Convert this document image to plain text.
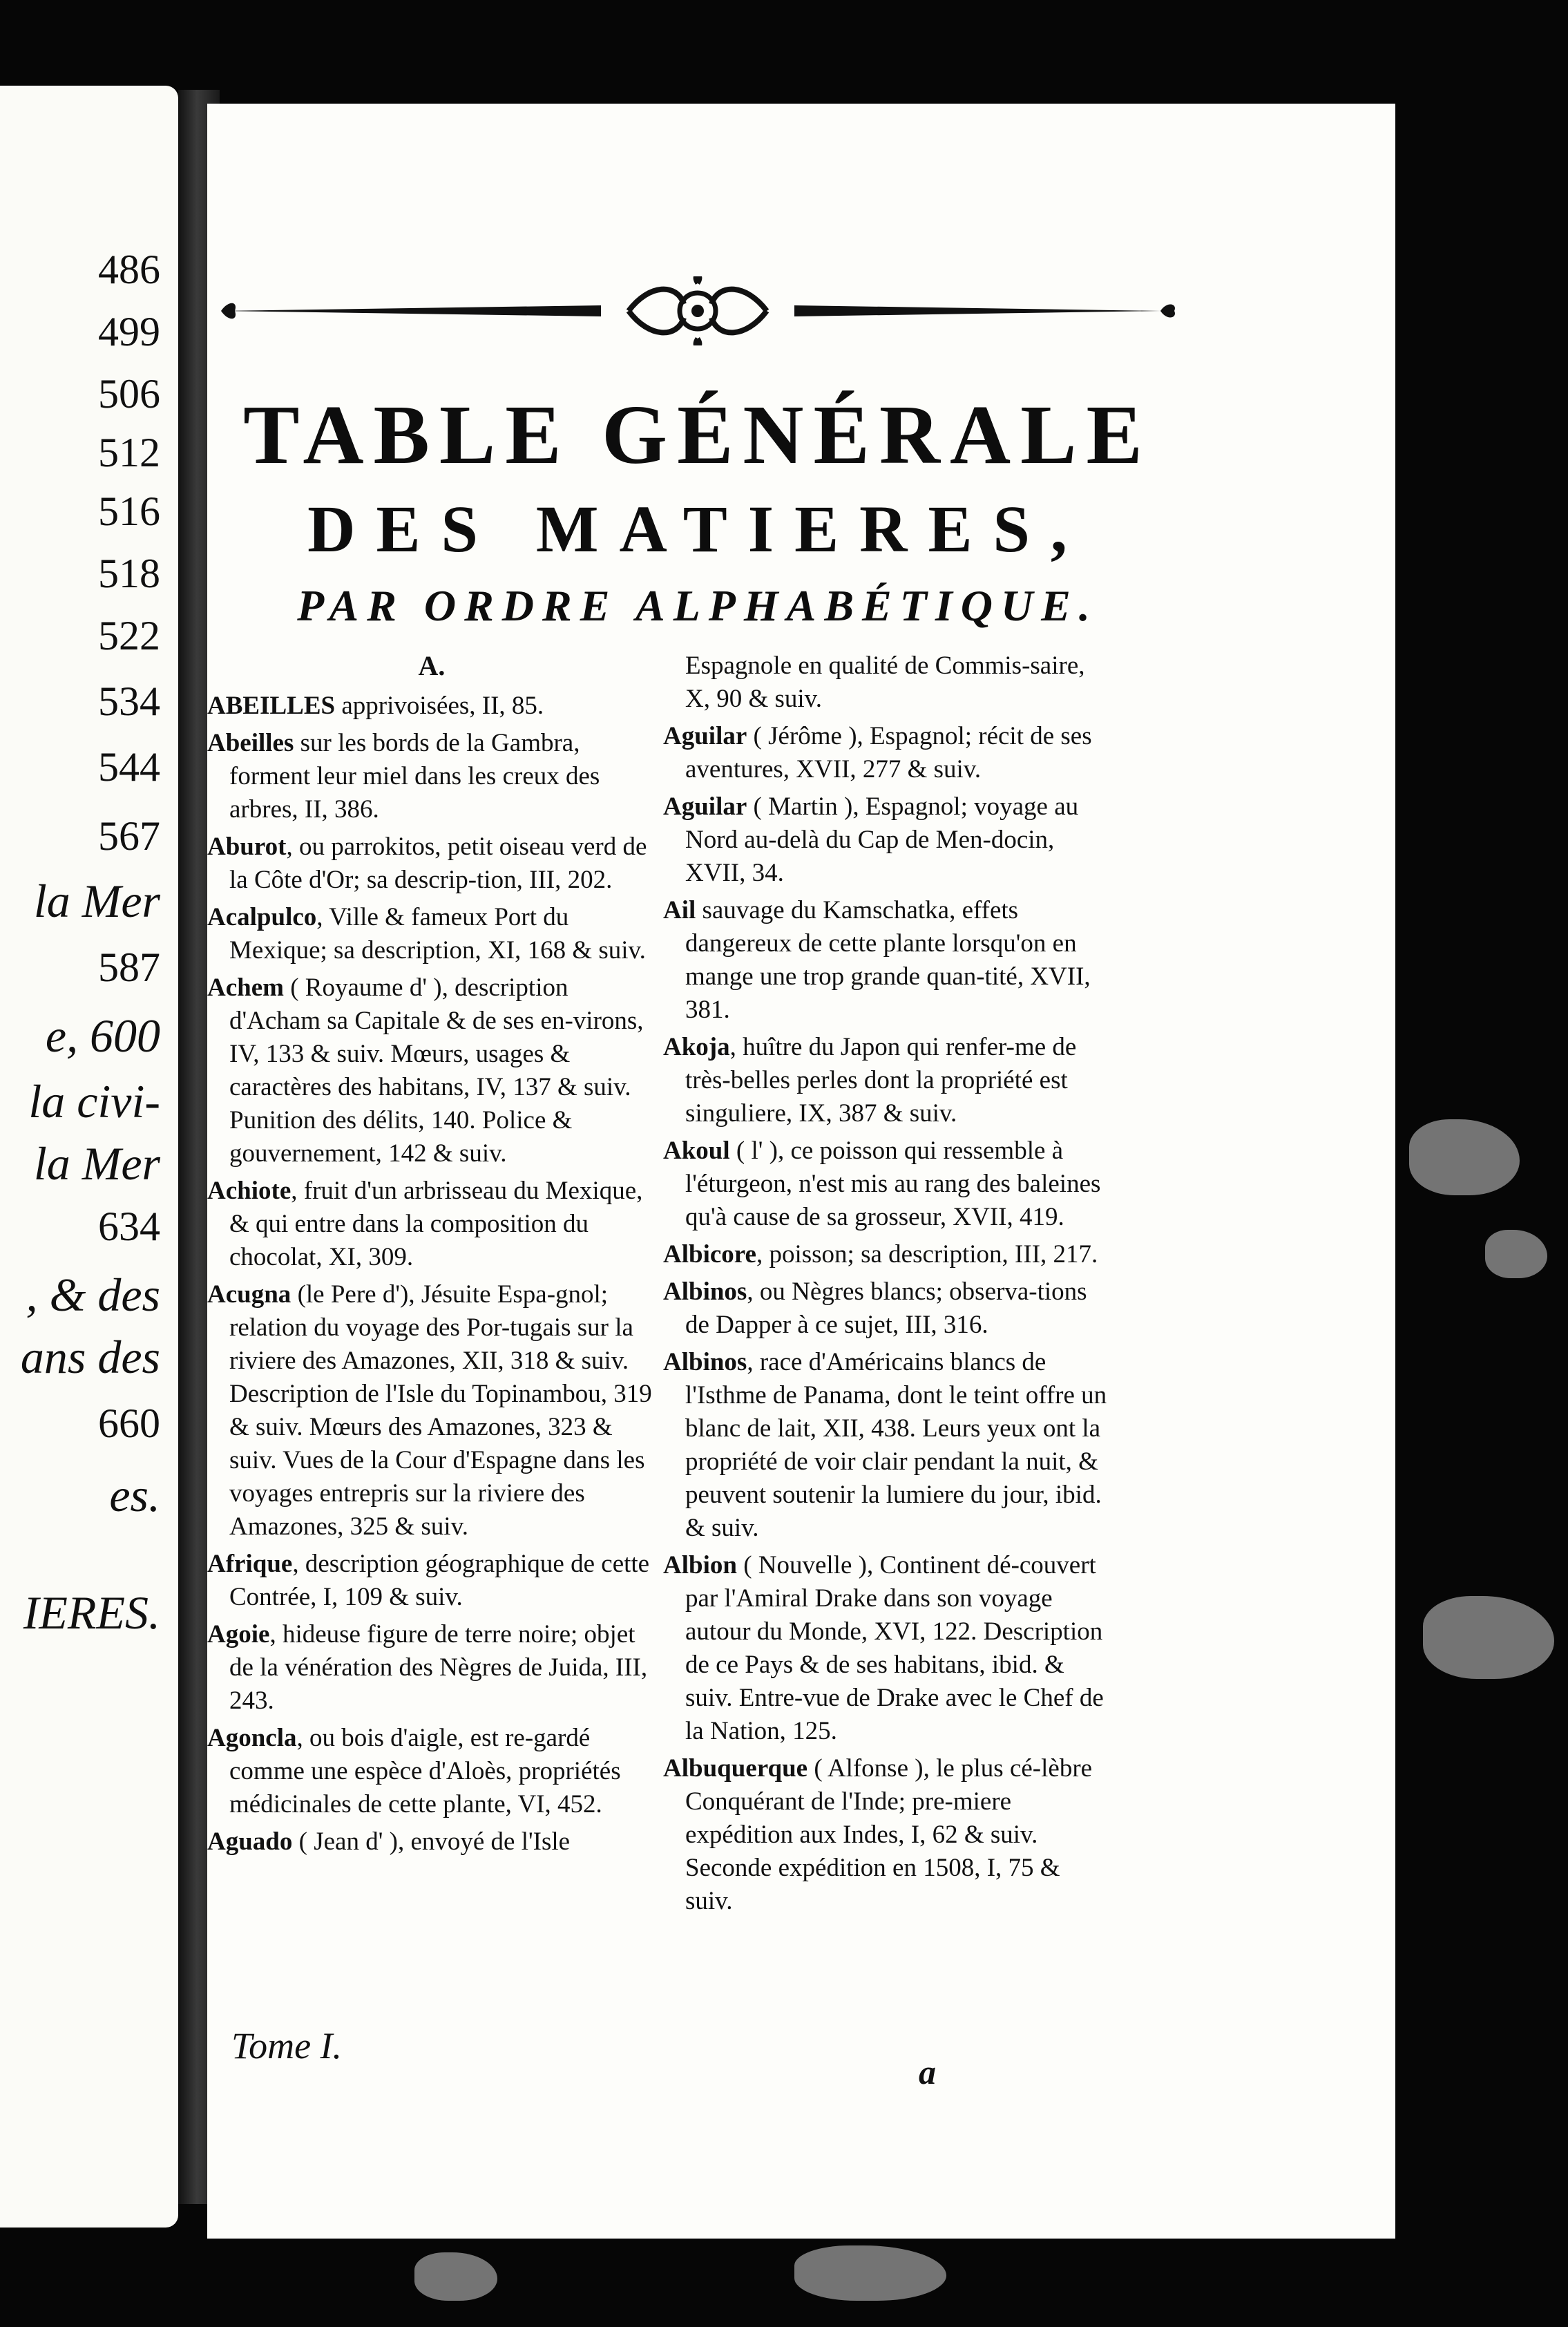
486
499
506
512
516
518
522
534
544
567
la Mer
587
e, 600
la civi-
la Mer
634
, & des
ans des
660
es.
IERES.
TABLE GÉNÉRALE
DES MATIERES,
PAR ORDRE ALPHABÉTIQUE.
A.
ABEILLES apprivoisées, II, 85.
Abeilles sur les bords de la Gambra, forment leur miel dans les creux des arbres, II, 386.
Aburot, ou parrokitos, petit oiseau verd de la Côte d'Or; sa descrip-tion, III, 202.
Acalpulco, Ville & fameux Port du Mexique; sa description, XI, 168 & suiv.
Achem ( Royaume d' ), description d'Acham sa Capitale & de ses en-virons, IV, 133 & suiv. Mœurs, usages & caractères des habitans, IV, 137 & suiv. Punition des délits, 140. Police & gouvernement, 142 & suiv.
Achiote, fruit d'un arbrisseau du Mexique, & qui entre dans la composition du chocolat, XI, 309.
Acugna (le Pere d'), Jésuite Espa-gnol; relation du voyage des Por-tugais sur la riviere des Amazones, XII, 318 & suiv. Description de l'Isle du Topinambou, 319 & suiv. Mœurs des Amazones, 323 & suiv. Vues de la Cour d'Espagne dans les voyages entrepris sur la riviere des Amazones, 325 & suiv.
Afrique, description géographique de cette Contrée, I, 109 & suiv.
Agoie, hideuse figure de terre noire; objet de la vénération des Nègres de Juida, III, 243.
Agoncla, ou bois d'aigle, est re-gardé comme une espèce d'Aloès, propriétés médicinales de cette plante, VI, 452.
Aguado ( Jean d' ), envoyé de l'Isle
Espagnole en qualité de Commis-saire, X, 90 & suiv.
Aguilar ( Jérôme ), Espagnol; récit de ses aventures, XVII, 277 & suiv.
Aguilar ( Martin ), Espagnol; voyage au Nord au-delà du Cap de Men-docin, XVII, 34.
Ail sauvage du Kamschatka, effets dangereux de cette plante lorsqu'on en mange une trop grande quan-tité, XVII, 381.
Akoja, huître du Japon qui renfer-me de très-belles perles dont la propriété est singuliere, IX, 387 & suiv.
Akoul ( l' ), ce poisson qui ressemble à l'éturgeon, n'est mis au rang des baleines qu'à cause de sa grosseur, XVII, 419.
Albicore, poisson; sa description, III, 217.
Albinos, ou Nègres blancs; observa-tions de Dapper à ce sujet, III, 316.
Albinos, race d'Américains blancs de l'Isthme de Panama, dont le teint offre un blanc de lait, XII, 438. Leurs yeux ont la propriété de voir clair pendant la nuit, & peuvent soutenir la lumiere du jour, ibid. & suiv.
Albion ( Nouvelle ), Continent dé-couvert par l'Amiral Drake dans son voyage autour du Monde, XVI, 122. Description de ce Pays & de ses habitans, ibid. & suiv. Entre-vue de Drake avec le Chef de la Nation, 125.
Albuquerque ( Alfonse ), le plus cé-lèbre Conquérant de l'Inde; pre-miere expédition aux Indes, I, 62 & suiv. Seconde expédition en 1508, I, 75 & suiv.
Tome I.
a
